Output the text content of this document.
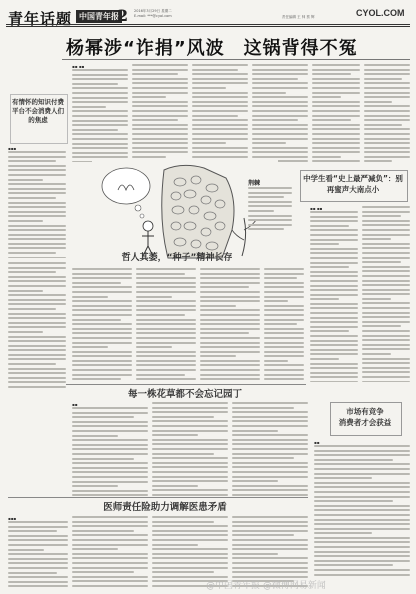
青年话题 中国青年报
2 2016年3月29日 星期二
E-mail: ***@cyol.com	责任编辑 王 帅 蔡 辉	CYOL.COM
杨幂涉“诈捐”风波　这锅背得不冤
有情怀的知识付费平台不会消费人们的焦虑
▪▪▪
▪▪ ▪▪
荆棘
哲人其萎，“种子”精神长存
中学生看“史上最严减负”：别再蜜声大南点小
▪▪ ▪▪
每一株花草都不会忘记园丁
▪▪
市场有竞争
消费者才会获益
▪▪
医师责任险助力调解医患矛盾
▪▪▪
@中国青年报 @微博网易新闻
